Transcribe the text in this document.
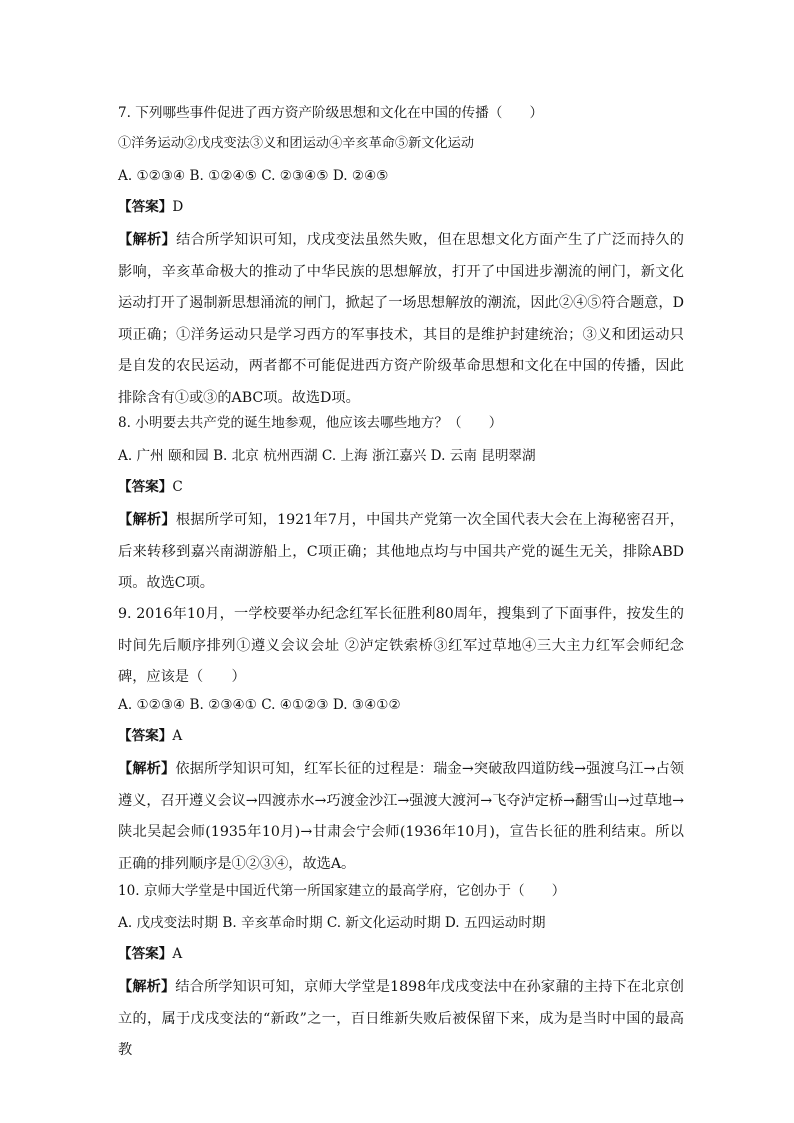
7. 下列哪些事件促进了西方资产阶级思想和文化在中国的传播（　　）
①洋务运动②戊戌变法③义和团运动④辛亥革命⑤新文化运动
A. ①②③④ B. ①②④⑤ C. ②③④⑤ D. ②④⑤
【答案】D
【解析】结合所学知识可知，戊戌变法虽然失败，但在思想文化方面产生了广泛而持久的影响，辛亥革命极大的推动了中华民族的思想解放，打开了中国进步潮流的闸门，新文化运动打开了遏制新思想涌流的闸门，掀起了一场思想解放的潮流，因此②④⑤符合题意，D项正确；①洋务运动只是学习西方的军事技术，其目的是维护封建统治；③义和团运动只是自发的农民运动，两者都不可能促进西方资产阶级革命思想和文化在中国的传播，因此排除含有①或③的ABC项。故选D项。
8. 小明要去共产党的诞生地参观，他应该去哪些地方？（　　）
A. 广州 颐和园 B. 北京 杭州西湖 C. 上海 浙江嘉兴 D. 云南 昆明翠湖
【答案】C
【解析】根据所学可知，1921年7月，中国共产党第一次全国代表大会在上海秘密召开，后来转移到嘉兴南湖游船上，C项正确；其他地点均与中国共产党的诞生无关，排除ABD项。故选C项。
9. 2016年10月，一学校要举办纪念红军长征胜利80周年，搜集到了下面事件，按发生的时间先后顺序排列①遵义会议会址 ②泸定铁索桥③红军过草地④三大主力红军会师纪念碑，应该是（　　）
A. ①②③④ B. ②③④① C. ④①②③ D. ③④①②
【答案】A
【解析】依据所学知识可知，红军长征的过程是：瑞金→突破敌四道防线→强渡乌江→占领遵义，召开遵义会议→四渡赤水→巧渡金沙江→强渡大渡河→飞夺泸定桥→翻雪山→过草地→陕北吴起会师(1935年10月)→甘肃会宁会师(1936年10月)，宣告长征的胜利结束。所以正确的排列顺序是①②③④，故选A。
10. 京师大学堂是中国近代第一所国家建立的最高学府，它创办于（　　）
A. 戊戌变法时期 B. 辛亥革命时期 C. 新文化运动时期 D. 五四运动时期
【答案】A
【解析】结合所学知识可知，京师大学堂是1898年戊戌变法中在孙家鼐的主持下在北京创立的，属于戊戌变法的“新政”之一，百日维新失败后被保留下来，成为是当时中国的最高教
